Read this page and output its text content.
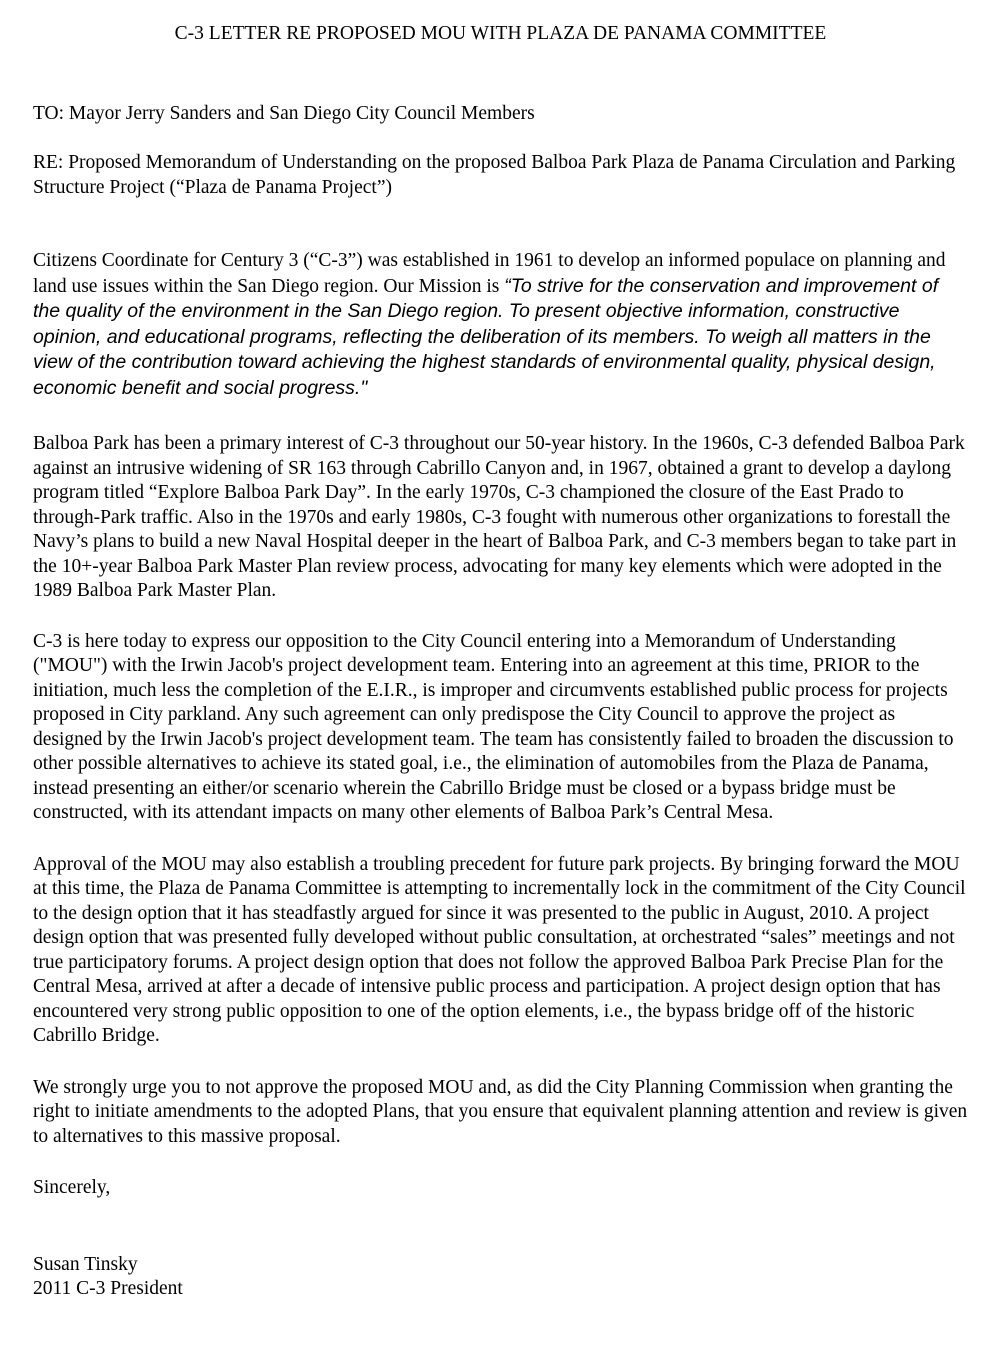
C-3 LETTER RE PROPOSED MOU WITH PLAZA DE PANAMA COMMITTEE

TO: Mayor Jerry Sanders and San Diego City Council Members

RE: Proposed Memorandum of Understanding on the proposed Balboa Park Plaza de Panama Circulation and Parking Structure Project (“Plaza de Panama Project”)

Citizens Coordinate for Century 3 (“C-3”) was established in 1961 to develop an informed populace on planning and land use issues within the San Diego region. Our Mission is “To strive for the conservation and improvement of the quality of the environment in the San Diego region. To present objective information, constructive opinion, and educational programs, reflecting the deliberation of its members. To weigh all matters in the view of the contribution toward achieving the highest standards of environmental quality, physical design, economic benefit and social progress."

Balboa Park has been a primary interest of C-3 throughout our 50-year history. In the 1960s, C-3 defended Balboa Park against an intrusive widening of SR 163 through Cabrillo Canyon and, in 1967, obtained a grant to develop a daylong program titled “Explore Balboa Park Day”. In the early 1970s, C-3 championed the closure of the East Prado to through-Park traffic. Also in the 1970s and early 1980s, C-3 fought with numerous other organizations to forestall the Navy’s plans to build a new Naval Hospital deeper in the heart of Balboa Park, and C-3 members began to take part in the 10+-year Balboa Park Master Plan review process, advocating for many key elements which were adopted in the 1989 Balboa Park Master Plan.

C-3 is here today to express our opposition to the City Council entering into a Memorandum of Understanding ("MOU") with the Irwin Jacob's project development team. Entering into an agreement at this time, PRIOR to the initiation, much less the completion of the E.I.R., is improper and circumvents established public process for projects proposed in City parkland. Any such agreement can only predispose the City Council to approve the project as designed by the Irwin Jacob's project development team. The team has consistently failed to broaden the discussion to other possible alternatives to achieve its stated goal, i.e., the elimination of automobiles from the Plaza de Panama, instead presenting an either/or scenario wherein the Cabrillo Bridge must be closed or a bypass bridge must be constructed, with its attendant impacts on many other elements of Balboa Park’s Central Mesa.

Approval of the MOU may also establish a troubling precedent for future park projects. By bringing forward the MOU at this time, the Plaza de Panama Committee is attempting to incrementally lock in the commitment of the City Council to the design option that it has steadfastly argued for since it was presented to the public in August, 2010. A project design option that was presented fully developed without public consultation, at orchestrated “sales” meetings and not true participatory forums. A project design option that does not follow the approved Balboa Park Precise Plan for the Central Mesa, arrived at after a decade of intensive public process and participation. A project design option that has encountered very strong public opposition to one of the option elements, i.e., the bypass bridge off of the historic Cabrillo Bridge.

We strongly urge you to not approve the proposed MOU and, as did the City Planning Commission when granting the right to initiate amendments to the adopted Plans, that you ensure that equivalent planning attention and review is given to alternatives to this massive proposal.

Sincerely,

Susan Tinsky

2011 C-3 President
